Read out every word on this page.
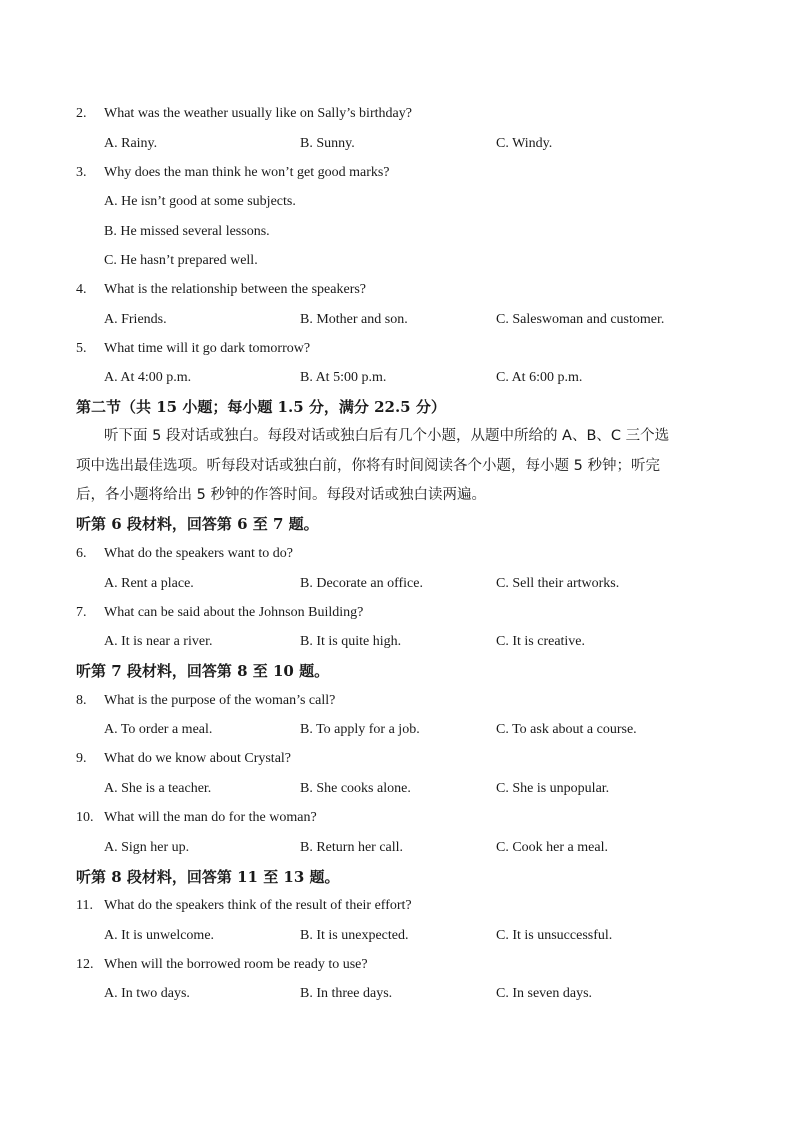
2. What was the weather usually like on Sally’s birthday?
A. Rainy.	B. Sunny.	C. Windy.
3. Why does the man think he won’t get good marks?
A. He isn’t good at some subjects.
B. He missed several lessons.
C. He hasn’t prepared well.
4. What is the relationship between the speakers?
A. Friends.	B. Mother and son.	C. Saleswoman and customer.
5. What time will it go dark tomorrow?
A. At 4:00 p.m.	B. At 5:00 p.m.	C. At 6:00 p.m.
第二节（共 15 小题；每小题 1.5 分，满分 22.5 分）
听下面 5 段对话或独白。每段对话或独白后有几个小题，从题中所给的 A、B、C 三个选
项中选出最佳选项。听每段对话或独白前，你将有时间阅读各个小题，每小题 5 秒钟；听完
后，各小题将给出 5 秒钟的作答时间。每段对话或独白读两遍。
听第 6 段材料，回答第 6 至 7 题。
6. What do the speakers want to do?
A. Rent a place.	B. Decorate an office.	C. Sell their artworks.
7. What can be said about the Johnson Building?
A. It is near a river.	B. It is quite high.	C. It is creative.
听第 7 段材料，回答第 8 至 10 题。
8. What is the purpose of the woman’s call?
A. To order a meal.	B. To apply for a job.	C. To ask about a course.
9. What do we know about Crystal?
A. She is a teacher.	B. She cooks alone.	C. She is unpopular.
10. What will the man do for the woman?
A. Sign her up.	B. Return her call.	C. Cook her a meal.
听第 8 段材料，回答第 11 至 13 题。
11. What do the speakers think of the result of their effort?
A. It is unwelcome.	B. It is unexpected.	C. It is unsuccessful.
12. When will the borrowed room be ready to use?
A. In two days.	B. In three days.	C. In seven days.
